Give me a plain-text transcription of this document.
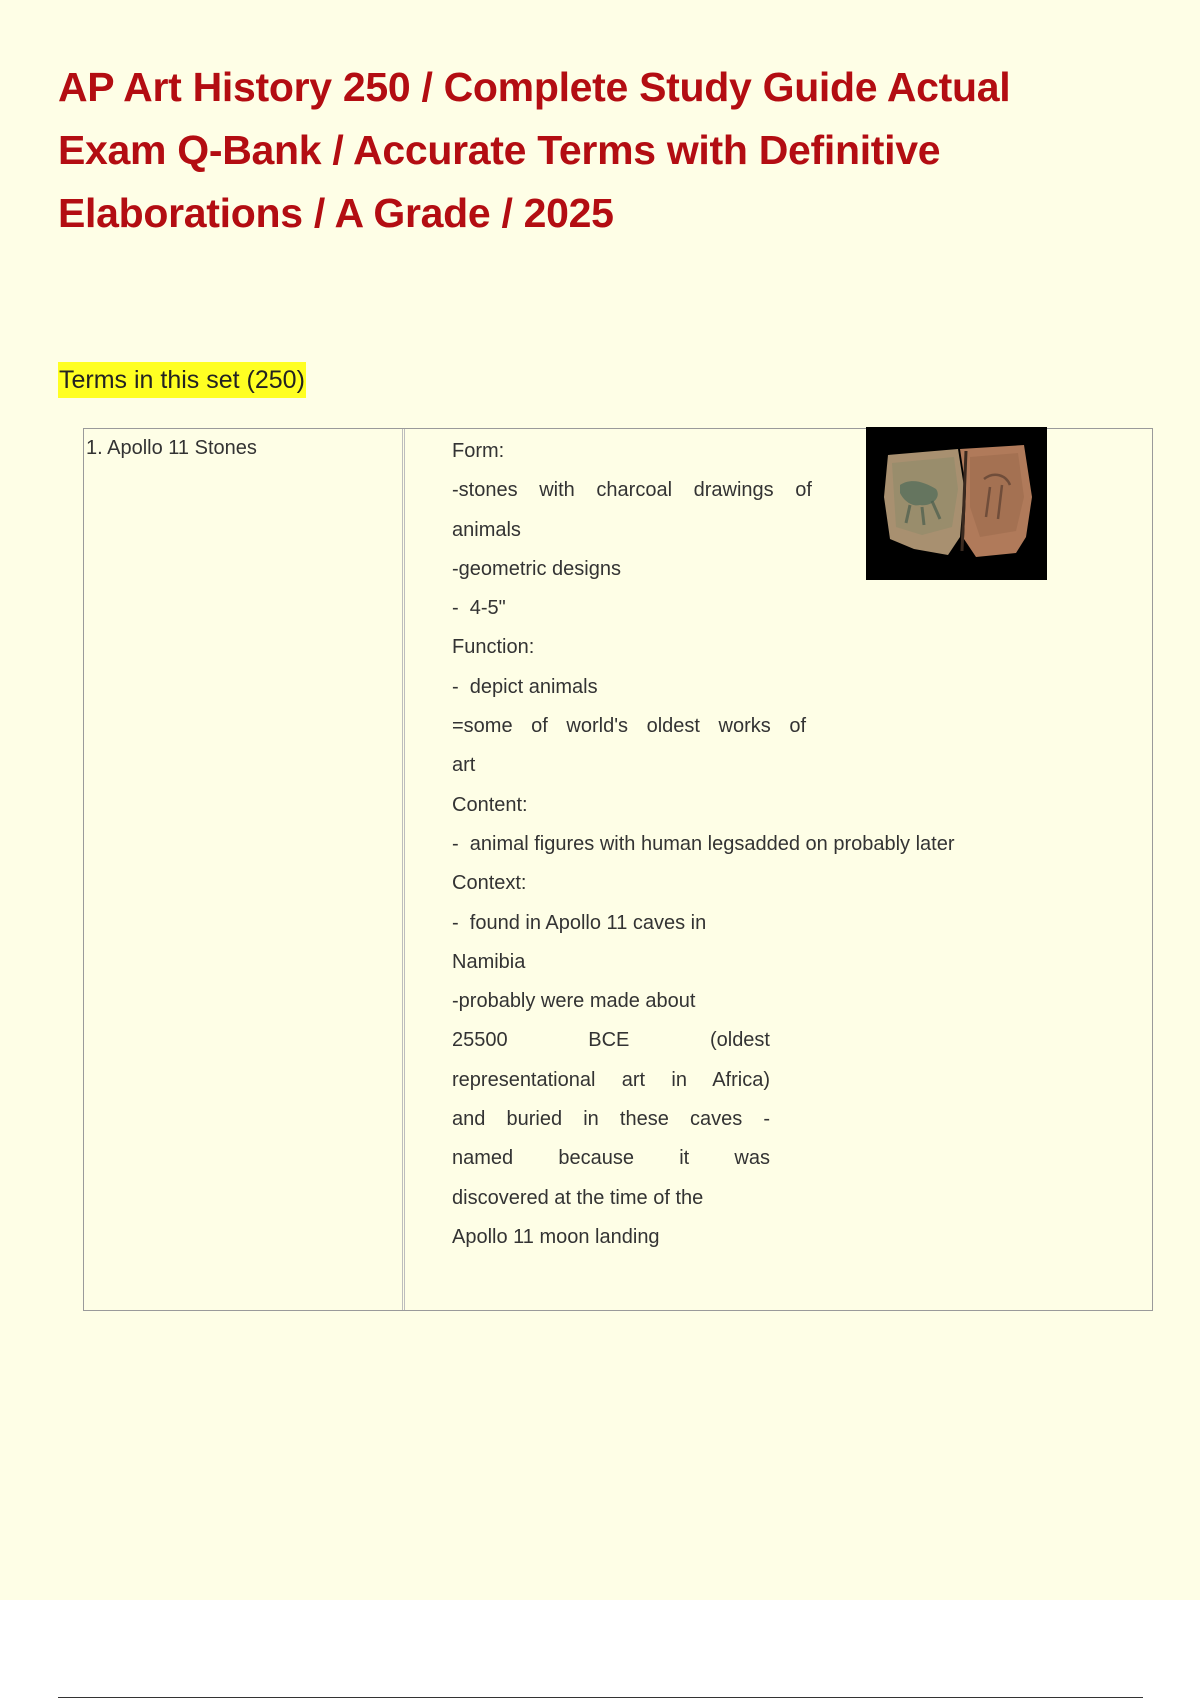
AP Art History 250 / Complete Study Guide Actual Exam Q-Bank / Accurate Terms with Definitive Elaborations / A Grade / 2025
Terms in this set (250)
1. Apollo 11 Stones	Form:
-stones with charcoal drawings of
animals
-geometric designs
-  4-5"
Function:
-  depict animals
=some of world's oldest works of
art
Content:
-  animal figures with human legsadded on probably later
Context:
-  found in Apollo 11 caves in
Namibia
-probably were made about
25500 BCE (oldest
representational art in Africa)
and buried in these caves -
named because it was
discovered at the time of the
Apollo 11 moon landing
